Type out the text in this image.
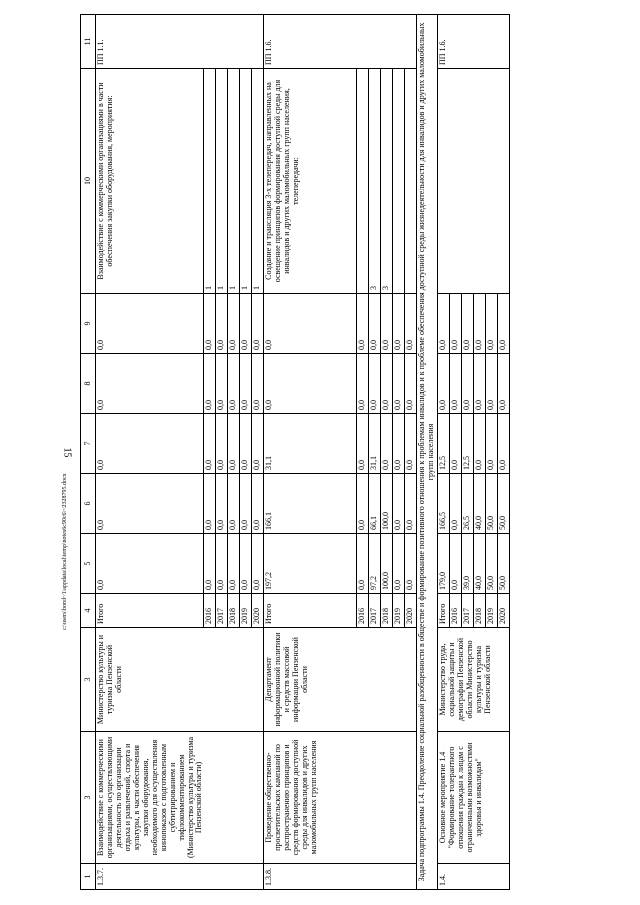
15
c:\users\borel~1\appdata\local\temp\notes6c90c6\~2328795.docx
1	3	3	4	5	6	7	8	9	10	11
1.3.7.	Взаимодействие с коммерческими организациями, осуществляющими деятельность по организации отдыха и развлечений, спорта и культуры, в части обеспечения закупки оборудования, необходимого для осуществления кинопоказов с подготовленным субтитрированием и тифлокомментированием (Министерство культуры и туризма Пензенской области)	Министерство культуры и туризма Пензенской области	Итого	0,0	0,0	0,0	0,0	0,0	Взаимодействие с коммерческими организациями в части обеспечения закупки оборудования, мероприятия:	ПП 1.1.
			2016	0,0	0,0	0,0	0,0	0,0	1	
			2017	0,0	0,0	0,0	0,0	0,0	1	
			2018	0,0	0,0	0,0	0,0	0,0	1	
			2019	0,0	0,0	0,0	0,0	0,0	1	
			2020	0,0	0,0	0,0	0,0	0,0	1	
1.3.8.	Проведение общественно-просветительских кампаний по распространению принципов и средств формирования доступной среды для инвалидов и других маломобильных групп населения	Департамент информационной политики и средств массовой информации Пензенской области	Итого	197,2	166,1	31,1	0,0	0,0	Создание и трансляция 3-х телепередач, направленных на освещение принципов формирования доступной среды для инвалидов и других маломобильных групп населения, телепередачи:	ПП 1.6.
			2016	0,0	0,0	0,0	0,0	0,0		
			2017	97,2	66,1	31,1	0,0	0,0	3	
			2018	100,0	100,0	0,0	0,0	0,0	3	
			2019	0,0	0,0	0,0	0,0	0,0		
			2020	0,0	0,0	0,0	0,0	0,0		
Задача подпрограммы 1.4. Преодоление социальной разобщенности в обществе и формирование позитивного отношения к проблемам инвалидов и к проблеме обеспечения доступной среды жизнедеятельности для инвалидов и других маломобильных групп населения										
1.4.	Основное мероприятие 1.4 "Формирование толерантного отношения граждан к лицам с ограниченными возможностями здоровья и инвалидам"	Министерство труда, социальной защиты и демографии Пензенской области Министерство культуры и туризма Пензенской области	Итого	179,0	166,5	12,5	0,0	0,0		ПП 1.6.
			2016	0,0	0,0	0,0	0,0	0,0		
			2017	39,0	26,5	12,5	0,0	0,0		
			2018	40,0	40,0	0,0	0,0	0,0		
			2019	50,0	50,0	0,0	0,0	0,0		
			2020	50,0	50,0	0,0	0,0	0,0		
